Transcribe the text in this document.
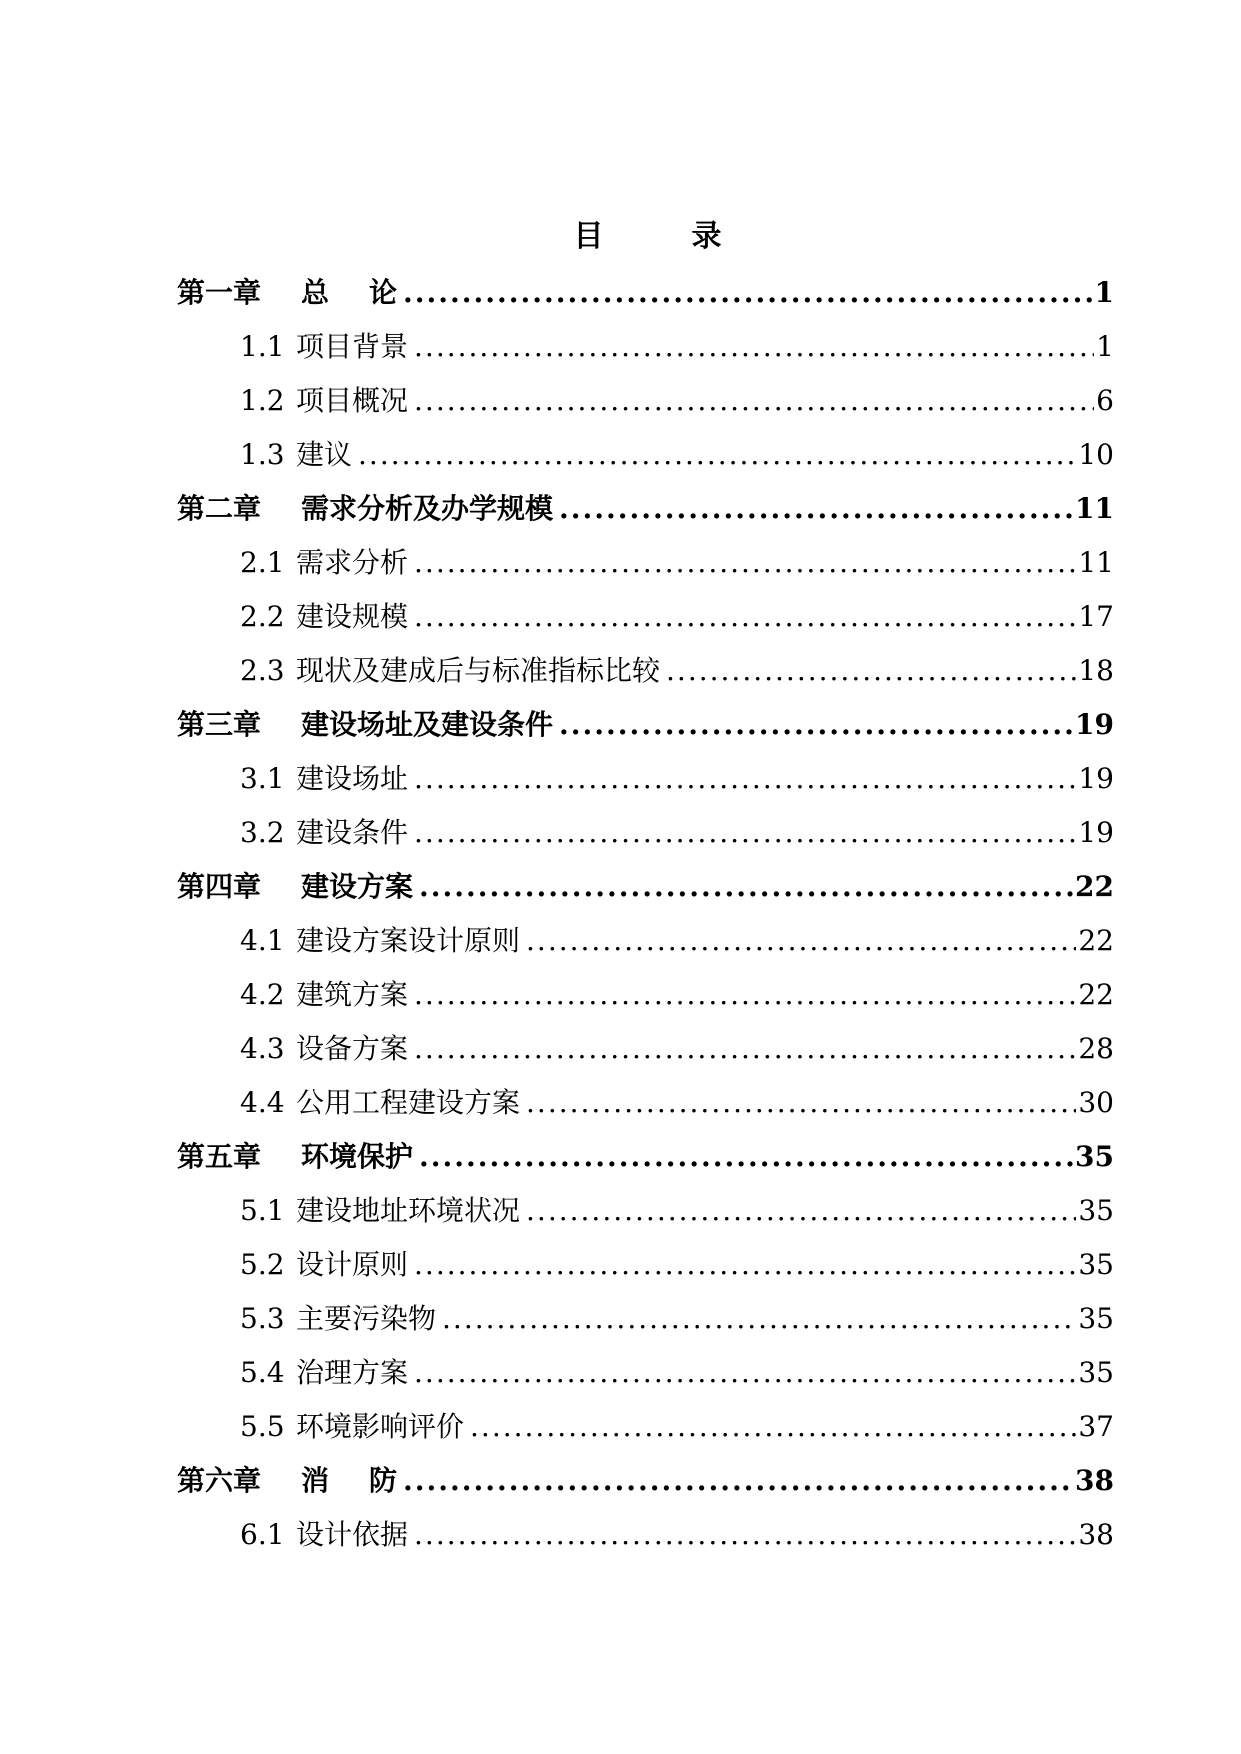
目	录
第一章	总 论 .....	1
1.1 项目背景 .....	1
1.2 项目概况 .....	6
1.3 建议 .....	10
第二章	需求分析及办学规模 .....	11
2.1 需求分析 .....	11
2.2 建设规模 .....	17
2.3 现状及建成后与标准指标比较 .....	18
第三章	建设场址及建设条件 .....	19
3.1 建设场址 .....	19
3.2 建设条件 .....	19
第四章	建设方案 .....	22
4.1 建设方案设计原则 .....	22
4.2 建筑方案 .....	22
4.3 设备方案 .....	28
4.4 公用工程建设方案 .....	30
第五章	环境保护 .....	35
5.1 建设地址环境状况 .....	35
5.2 设计原则 .....	35
5.3 主要污染物 .....	35
5.4 治理方案 .....	35
5.5 环境影响评价 .....	37
第六章	消 防 .....	38
6.1 设计依据 .....	38
